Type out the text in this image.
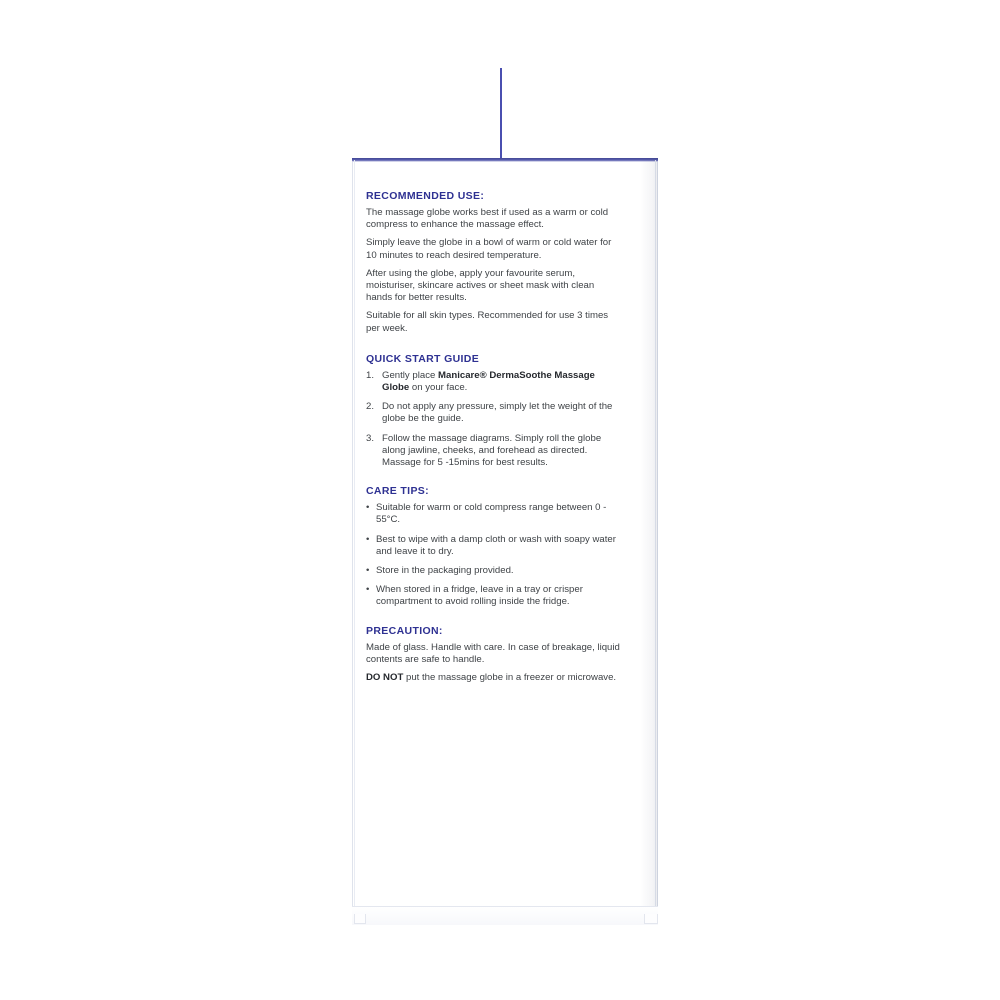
RECOMMENDED USE:

The massage globe works best if used as a warm or cold compress to enhance the massage effect.

Simply leave the globe in a bowl of warm or cold water for 10 minutes to reach desired temperature.

After using the globe, apply your favourite serum, moisturiser, skincare actives or sheet mask with clean hands for better results.

Suitable for all skin types. Recommended for use 3 times per week.

QUICK START GUIDE
1. Gently place Manicare® DermaSoothe Massage Globe on your face.
2. Do not apply any pressure, simply let the weight of the globe be the guide.
3. Follow the massage diagrams. Simply roll the globe along jawline, cheeks, and forehead as directed. Massage for 5 -15mins for best results.
CARE TIPS:
• Suitable for warm or cold compress range between 0 - 55°C.
• Best to wipe with a damp cloth or wash with soapy water and leave it to dry.
• Store in the packaging provided.
• When stored in a fridge, leave in a tray or crisper compartment to avoid rolling inside the fridge.
PRECAUTION:

Made of glass. Handle with care. In case of breakage, liquid contents are safe to handle.

DO NOT put the massage globe in a freezer or microwave.
